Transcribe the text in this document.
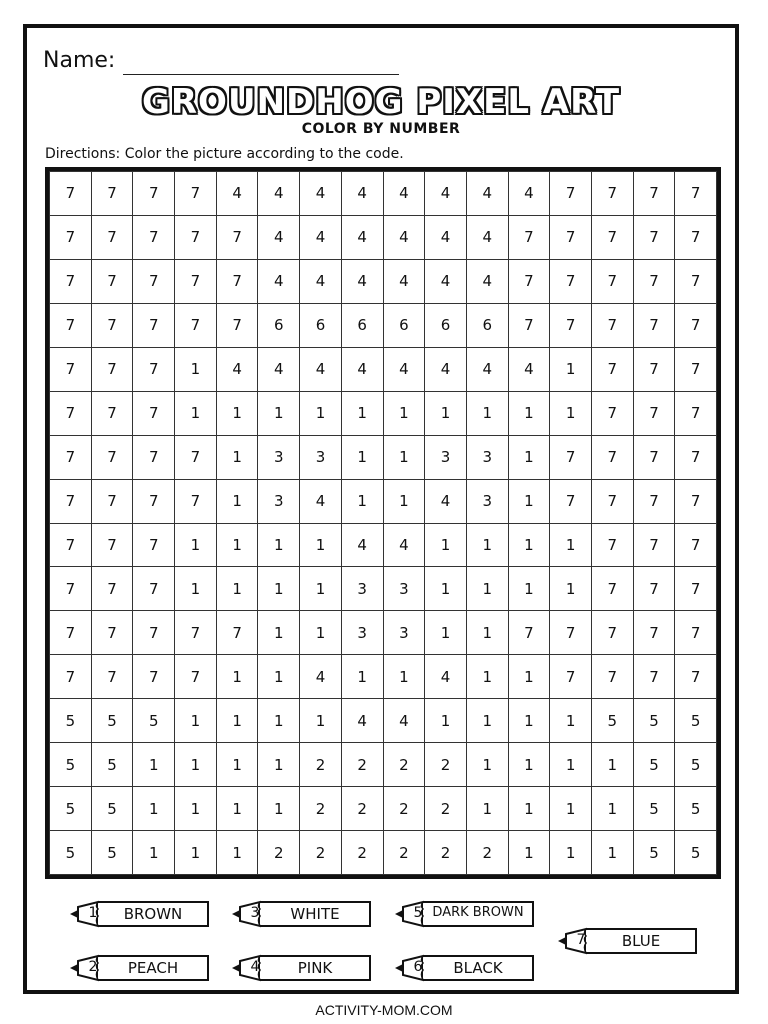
Name:
GROUNDHOG PIXEL ART
COLOR BY NUMBER
Directions: Color the picture according to the code.
7	7	7	7	4	4	4	4	4	4	4	4	7	7	7	7
7	7	7	7	7	4	4	4	4	4	4	7	7	7	7	7
7	7	7	7	7	4	4	4	4	4	4	7	7	7	7	7
7	7	7	7	7	6	6	6	6	6	6	7	7	7	7	7
7	7	7	1	4	4	4	4	4	4	4	4	1	7	7	7
7	7	7	1	1	1	1	1	1	1	1	1	1	7	7	7
7	7	7	7	1	3	3	1	1	3	3	1	7	7	7	7
7	7	7	7	1	3	4	1	1	4	3	1	7	7	7	7
7	7	7	1	1	1	1	4	4	1	1	1	1	7	7	7
7	7	7	1	1	1	1	3	3	1	1	1	1	7	7	7
7	7	7	7	7	1	1	3	3	1	1	7	7	7	7	7
7	7	7	7	1	1	4	1	1	4	1	1	7	7	7	7
5	5	5	1	1	1	1	4	4	1	1	1	1	5	5	5
5	5	1	1	1	1	2	2	2	2	1	1	1	1	5	5
5	5	1	1	1	1	2	2	2	2	1	1	1	1	5	5
5	5	1	1	1	2	2	2	2	2	2	1	1	1	5	5
1	BROWN
2	PEACH
3	WHITE
4	PINK
5 DARK BROWN
6	BLACK
7	BLUE
ACTIVITY-MOM.COM
